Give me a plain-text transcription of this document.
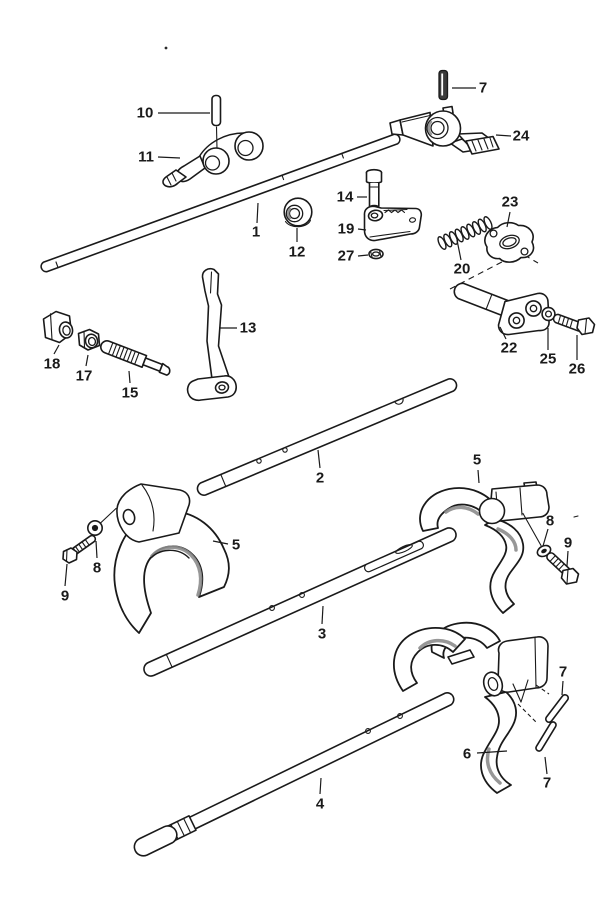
10
11
1
12
14
19
27
20
23
24
7
22
25
26
13
18
17
15
2
5
8
9
5
8
9
3
6
7
7
4
